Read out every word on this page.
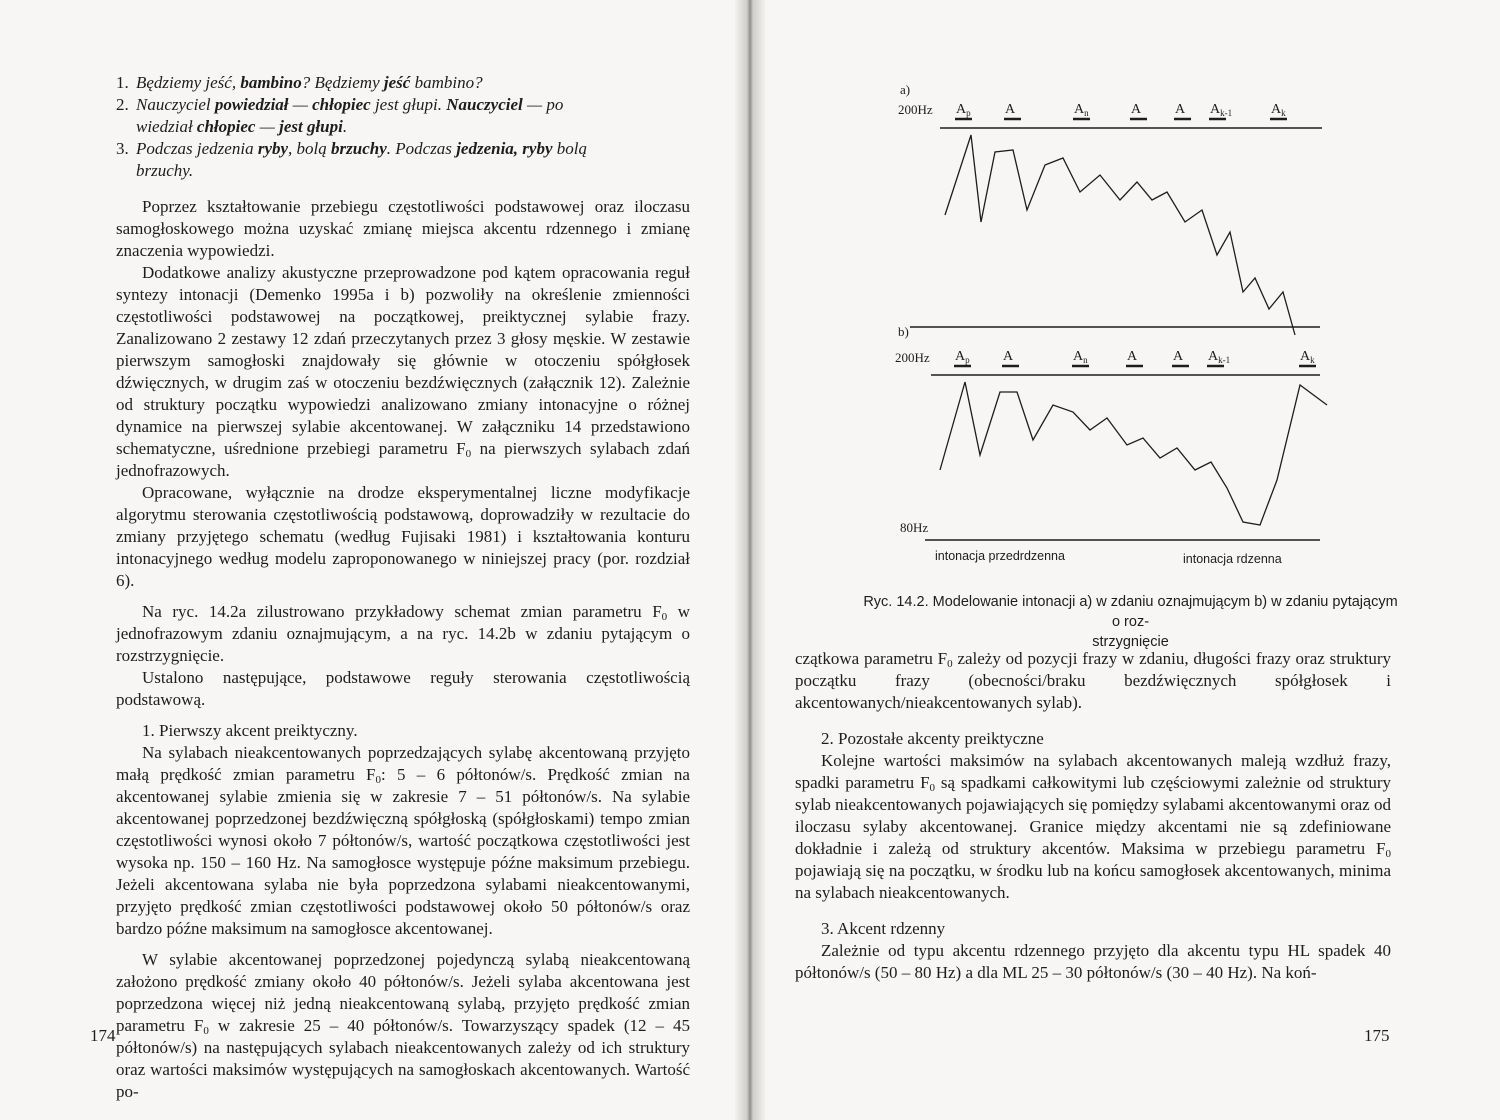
1. Będziemy jeść, bambino? Będziemy jeść bambino?
2. Nauczyciel powiedział — chłopiec jest głupi. Nauczyciel — po
wiedział chłopiec — jest głupi.
3. Podczas jedzenia ryby, bolą brzuchy. Podczas jedzenia, ryby bolą
brzuchy.

Poprzez kształtowanie przebiegu częstotliwości podstawowej oraz iloczasu samogłoskowego można uzyskać zmianę miejsca akcentu rdzennego i zmianę znaczenia wypowiedzi.

Dodatkowe analizy akustyczne przeprowadzone pod kątem opracowania reguł syntezy intonacji (Demenko 1995a i b) pozwoliły na określenie zmienności częstotliwości podstawowej na początkowej, preiktycznej sylabie frazy. Zanalizowano 2 zestawy 12 zdań przeczytanych przez 3 głosy męskie. W zestawie pierwszym samogłoski znajdowały się głównie w otoczeniu spółgłosek dźwięcznych, w drugim zaś w otoczeniu bezdźwięcznych (załącznik 12). Zależnie od struktury początku wypowiedzi analizowano zmiany intonacyjne o różnej dynamice na pierwszej sylabie akcentowanej. W załączniku 14 przedstawiono schematyczne, uśrednione przebiegi parametru $F_0$ na pierwszych sylabach zdań jednofrazowych.

Opracowane, wyłącznie na drodze eksperymentalnej liczne modyfikacje algorytmu sterowania częstotliwością podstawową, doprowadziły w rezultacie do zmiany przyjętego schematu (według Fujisaki 1981) i kształtowania konturu intonacyjnego według modelu zaproponowanego w niniejszej pracy (por. rozdział 6).

Na ryc. 14.2a zilustrowano przykładowy schemat zmian parametru $F_0$ w jednofrazowym zdaniu oznajmującym, a na ryc. 14.2b w zdaniu pytającym o rozstrzygnięcie.

Ustalono następujące, podstawowe reguły sterowania częstotliwością podstawową.

1. Pierwszy akcent preiktyczny.

Na sylabach nieakcentowanych poprzedzających sylabę akcentowaną przyjęto małą prędkość zmian parametru $F_0$: 5 – 6 półtonów/s. Prędkość zmian na akcentowanej sylabie zmienia się w zakresie 7 – 51 półtonów/s. Na sylabie akcentowanej poprzedzonej bezdźwięczną spółgłoską (spółgłoskami) tempo zmian częstotliwości wynosi około 7 półtonów/s, wartość początkowa częstotliwości jest wysoka np. 150 – 160 Hz. Na samogłosce występuje późne maksimum przebiegu. Jeżeli akcentowana sylaba nie była poprzedzona sylabami nieakcentowanymi, przyjęto prędkość zmian częstotliwości podstawowej około 50 półtonów/s oraz bardzo późne maksimum na samogłosce akcentowanej.

W sylabie akcentowanej poprzedzonej pojedynczą sylabą nieakcentowaną założono prędkość zmiany około 40 półtonów/s. Jeżeli sylaba akcentowana jest poprzedzona więcej niż jedną nieakcentowaną sylabą, przyjęto prędkość zmian parametru $F_0$ w zakresie 25 – 40 półtonów/s. Towarzyszący spadek (12 – 45 półtonów/s) na następujących sylabach nieakcentowanych zależy od ich struktury oraz wartości maksimów występujących na samogłoskach akcentowanych. Wartość po-

174
a)
200Hz $A_p$ A	$A_n$	A A $A_{k-1}$	$A_k$
b)
200Hz $A_p$ A	$A_n$	A	A $A_{k-1}$	$A_k$
80Hz
intonacja przedrdzenna	intonacja rdzenna
Ryc. 14.2. Modelowanie intonacji a) w zdaniu oznajmującym b) w zdaniu pytającym o roz-
strzygnięcie

czątkowa parametru $F_0$ zależy od pozycji frazy w zdaniu, długości frazy oraz struktury początku frazy (obecności/braku bezdźwięcznych spółgłosek i akcentowanych/nieakcentowanych sylab).

2. Pozostałe akcenty preiktyczne

Kolejne wartości maksimów na sylabach akcentowanych maleją wzdłuż frazy, spadki parametru $F_0$ są spadkami całkowitymi lub częściowymi zależnie od struktury sylab nieakcentowanych pojawiających się pomiędzy sylabami akcentowanymi oraz od iloczasu sylaby akcentowanej. Granice między akcentami nie są zdefiniowane dokładnie i zależą od struktury akcentów. Maksima w przebiegu parametru $F_0$ pojawiają się na początku, w środku lub na końcu samogłosek akcentowanych, minima na sylabach nieakcentowanych.

3. Akcent rdzenny

Zależnie od typu akcentu rdzennego przyjęto dla akcentu typu HL spadek 40 półtonów/s (50 – 80 Hz) a dla ML 25 – 30 półtonów/s (30 – 40 Hz). Na koń-

175
